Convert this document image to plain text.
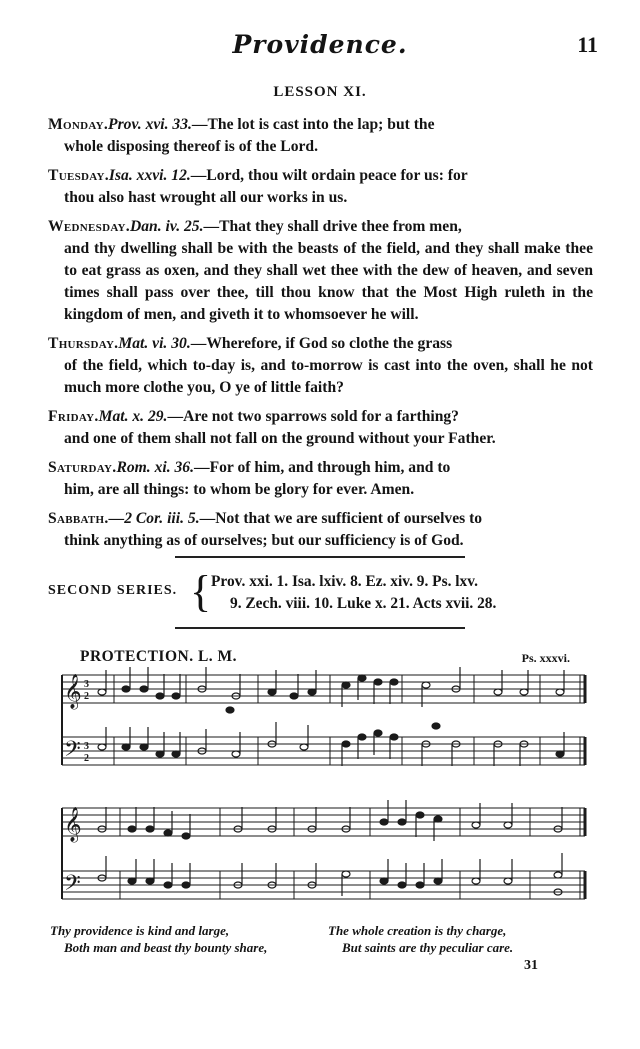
Providence.	11
LESSON XI.

Monday.Prov. xvi. 33.—The lot is cast into the lap; but the
whole disposing thereof is of the Lord.

Tuesday.Isa. xxvi. 12.—Lord, thou wilt ordain peace for us: for
thou also hast wrought all our works in us.

Wednesday.Dan. iv. 25.—That they shall drive thee from men,
and thy dwelling shall be with the beasts of the field, and they shall make thee to eat grass as oxen, and they shall wet thee with the dew of heaven, and seven times shall pass over thee, till thou know that the Most High ruleth in the kingdom of men, and giveth it to whomsoever he will.

Thursday.Mat. vi. 30.—Wherefore, if God so clothe the grass
of the field, which to-day is, and to-morrow is cast into the oven, shall he not much more clothe you, O ye of little faith?

Friday.Mat. x. 29.—Are not two sparrows sold for a farthing?
and one of them shall not fall on the ground without your Father.

Saturday.Rom. xi. 36.—For of him, and through him, and to
him, are all things: to whom be glory for ever. Amen.

Sabbath.—2 Cor. iii. 5.—Not that we are sufficient of ourselves to
think anything as of ourselves; but our sufficiency is of God.

SECOND SERIES. { Prov. xxi. 1. Isa. lxiv. 8. Ez. xiv. 9. Ps. lxv.
9. Zech. viii. 10. Luke x. 21. Acts xvii. 28.
PROTECTION. L. M.	Ps. xxxvi.
𝄞
𝄢
3
2
3
2
𝄞
𝄢
Thy providence is kind and large,
Both man and beast thy bounty share,
The whole creation is thy charge,
But saints are thy peculiar care.
31
